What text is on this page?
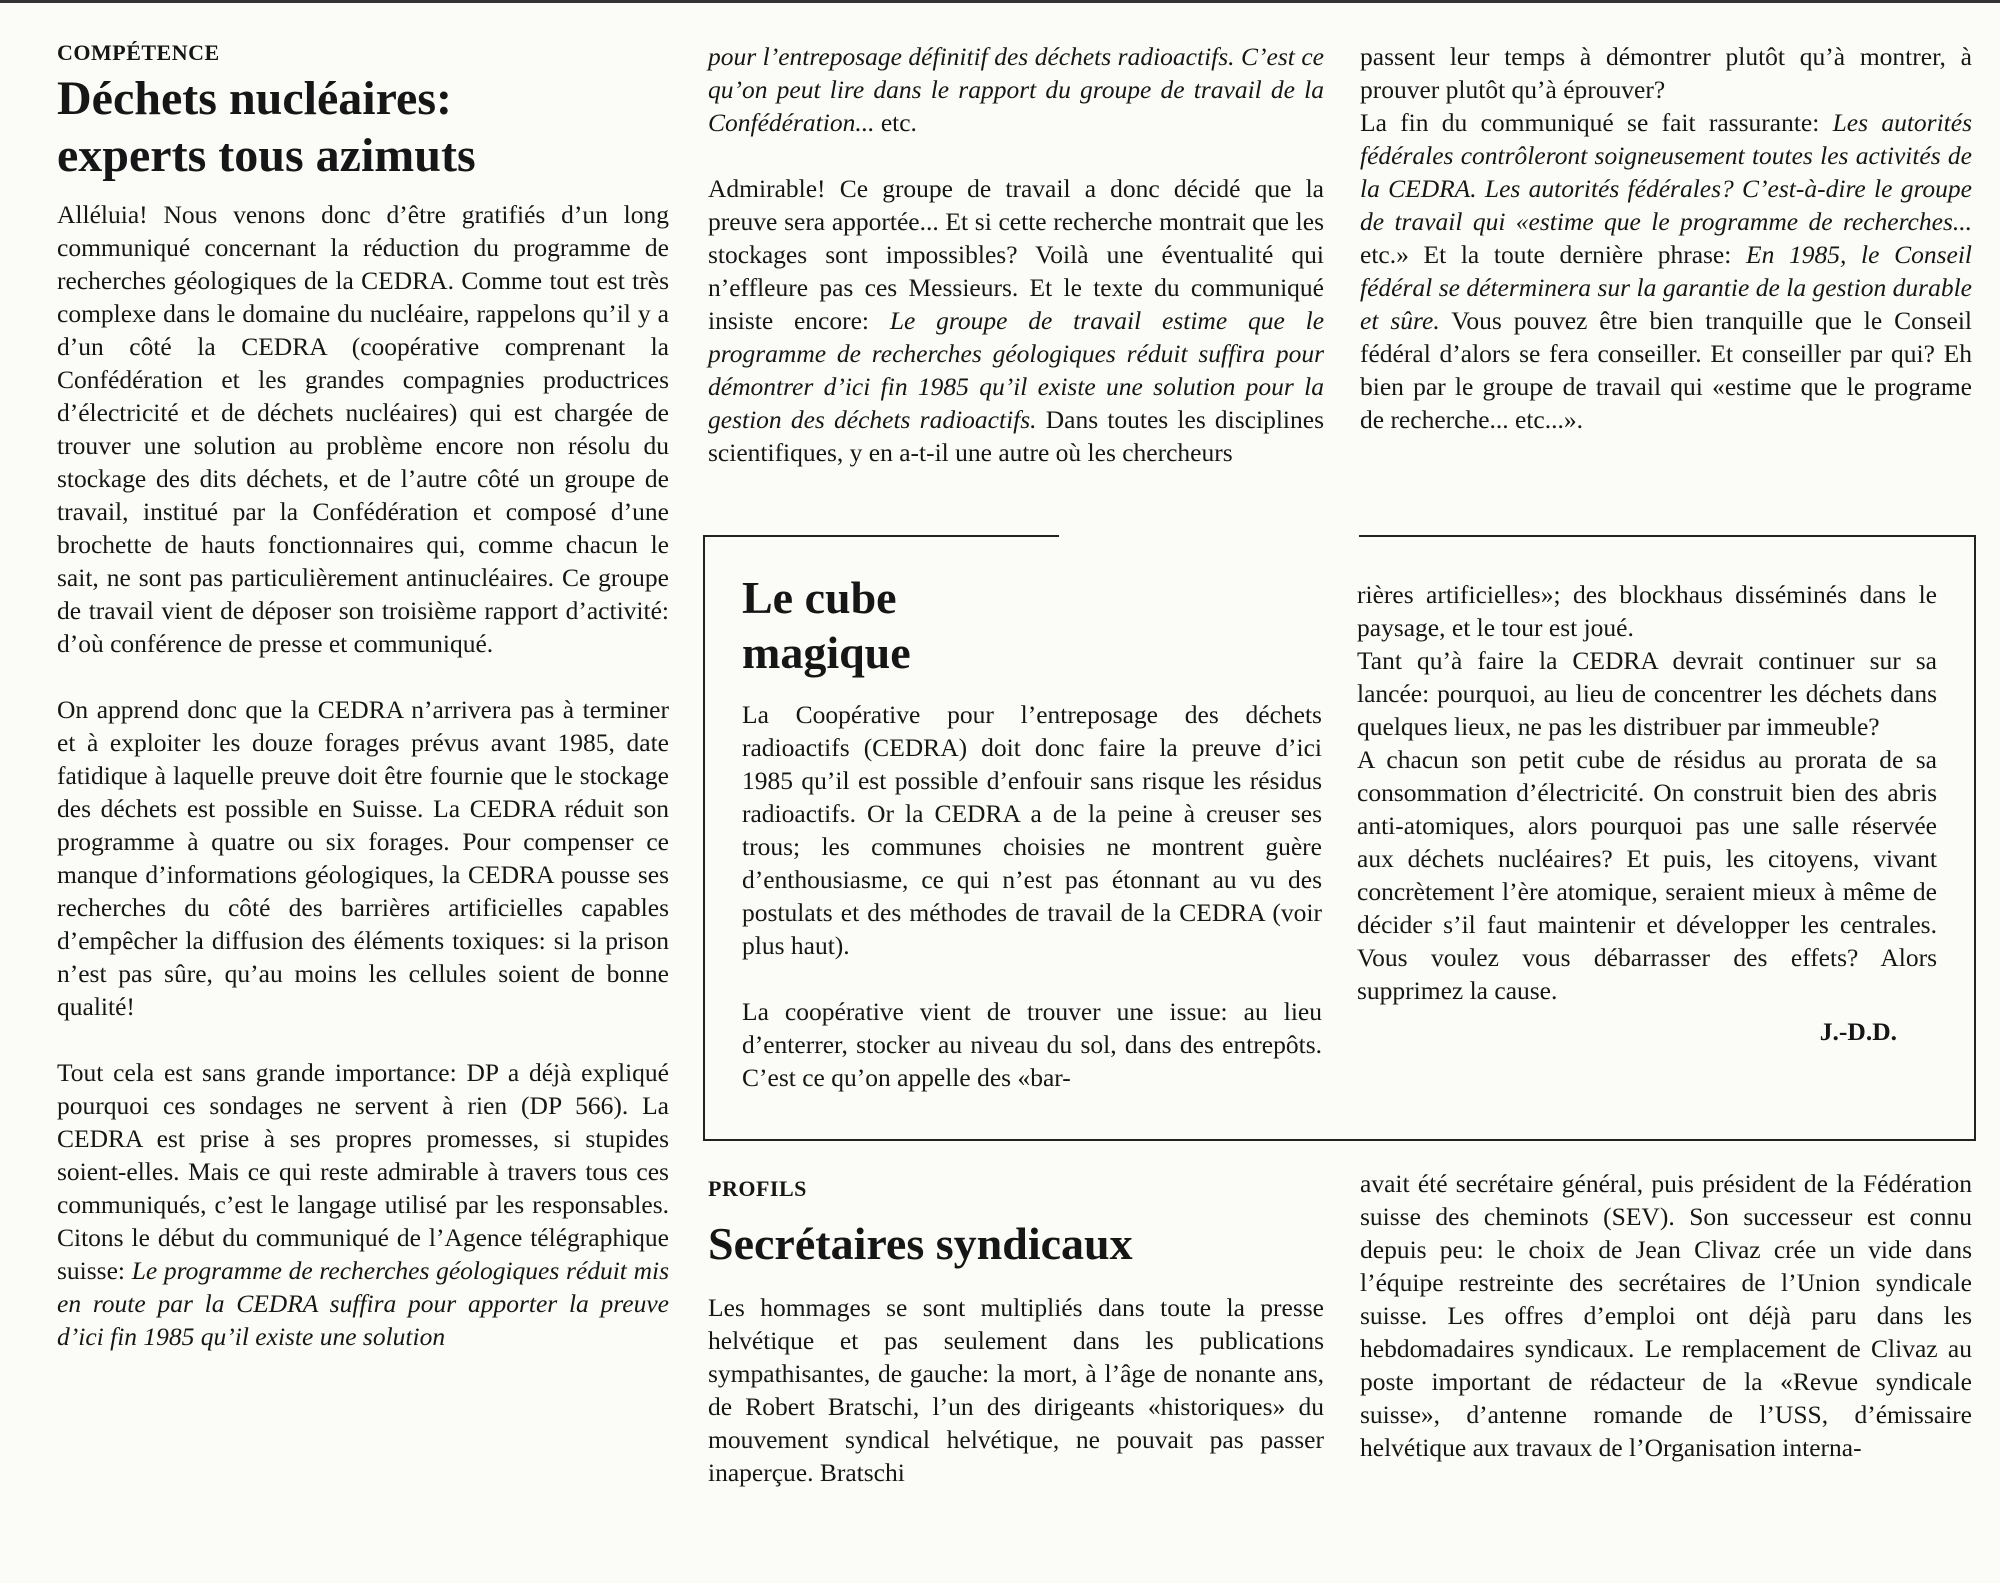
COMPÉTENCE

Déchets nucléaires:
experts tous azimuts

Alléluia! Nous venons donc d’être gratifiés d’un long communiqué concernant la réduction du programme de recherches géologiques de la CEDRA. Comme tout est très complexe dans le domaine du nucléaire, rappelons qu’il y a d’un côté la CEDRA (coopérative comprenant la Confédération et les grandes compagnies productrices d’électricité et de déchets nucléaires) qui est chargée de trouver une solution au problème encore non résolu du stockage des dits déchets, et de l’autre côté un groupe de travail, institué par la Confédération et composé d’une brochette de hauts fonctionnaires qui, comme chacun le sait, ne sont pas particulièrement antinucléaires. Ce groupe de travail vient de déposer son troisième rapport d’activité: d’où conférence de presse et communiqué.

On apprend donc que la CEDRA n’arrivera pas à terminer et à exploiter les douze forages prévus avant 1985, date fatidique à laquelle preuve doit être fournie que le stockage des déchets est possible en Suisse. La CEDRA réduit son programme à quatre ou six forages. Pour compenser ce manque d’informations géologiques, la CEDRA pousse ses recherches du côté des barrières artificielles capables d’empêcher la diffusion des éléments toxiques: si la prison n’est pas sûre, qu’au moins les cellules soient de bonne qualité!

Tout cela est sans grande importance: DP a déjà expliqué pourquoi ces sondages ne servent à rien (DP 566). La CEDRA est prise à ses propres promesses, si stupides soient-elles. Mais ce qui reste admirable à travers tous ces communiqués, c’est le langage utilisé par les responsables. Citons le début du communiqué de l’Agence télégraphique suisse: Le programme de recherches géologiques réduit mis en route par la CEDRA suffira pour apporter la preuve d’ici fin 1985 qu’il existe une solution

pour l’entreposage définitif des déchets radioactifs. C’est ce qu’on peut lire dans le rapport du groupe de travail de la Confédération... etc.

Admirable! Ce groupe de travail a donc décidé que la preuve sera apportée... Et si cette recherche montrait que les stockages sont impossibles? Voilà une éventualité qui n’effleure pas ces Messieurs. Et le texte du communiqué insiste encore: Le groupe de travail estime que le programme de recherches géologiques réduit suffira pour démontrer d’ici fin 1985 qu’il existe une solution pour la gestion des déchets radioactifs. Dans toutes les disciplines scientifiques, y en a-t-il une autre où les chercheurs

passent leur temps à démontrer plutôt qu’à montrer, à prouver plutôt qu’à éprouver?

La fin du communiqué se fait rassurante: Les autorités fédérales contrôleront soigneusement toutes les activités de la CEDRA. Les autorités fédérales? C’est-à-dire le groupe de travail qui «estime que le programme de recherches... etc.» Et la toute dernière phrase: En 1985, le Conseil fédéral se déterminera sur la garantie de la gestion durable et sûre. Vous pouvez être bien tranquille que le Conseil fédéral d’alors se fera conseiller. Et conseiller par qui? Eh bien par le groupe de travail qui «estime que le programe de recherche... etc...».

Le cube
magique

La Coopérative pour l’entreposage des déchets radioactifs (CEDRA) doit donc faire la preuve d’ici 1985 qu’il est possible d’enfouir sans risque les résidus radioactifs. Or la CEDRA a de la peine à creuser ses trous; les communes choisies ne montrent guère d’enthousiasme, ce qui n’est pas étonnant au vu des postulats et des méthodes de travail de la CEDRA (voir plus haut).

La coopérative vient de trouver une issue: au lieu d’enterrer, stocker au niveau du sol, dans des entrepôts. C’est ce qu’on appelle des «bar-

rières artificielles»; des blockhaus disséminés dans le paysage, et le tour est joué.

Tant qu’à faire la CEDRA devrait continuer sur sa lancée: pourquoi, au lieu de concentrer les déchets dans quelques lieux, ne pas les distribuer par immeuble?

A chacun son petit cube de résidus au prorata de sa consommation d’électricité. On construit bien des abris anti-atomiques, alors pourquoi pas une salle réservée aux déchets nucléaires? Et puis, les citoyens, vivant concrètement l’ère atomique, seraient mieux à même de décider s’il faut maintenir et développer les centrales. Vous voulez vous débarrasser des effets? Alors supprimez la cause.

J.-D.D.

PROFILS

Secrétaires syndicaux

Les hommages se sont multipliés dans toute la presse helvétique et pas seulement dans les publications sympathisantes, de gauche: la mort, à l’âge de nonante ans, de Robert Bratschi, l’un des dirigeants «historiques» du mouvement syndical helvétique, ne pouvait pas passer inaperçue. Bratschi

avait été secrétaire général, puis président de la Fédération suisse des cheminots (SEV). Son successeur est connu depuis peu: le choix de Jean Clivaz crée un vide dans l’équipe restreinte des secrétaires de l’Union syndicale suisse. Les offres d’emploi ont déjà paru dans les hebdomadaires syndicaux. Le remplacement de Clivaz au poste important de rédacteur de la «Revue syndicale suisse», d’antenne romande de l’USS, d’émissaire helvétique aux travaux de l’Organisation interna-
